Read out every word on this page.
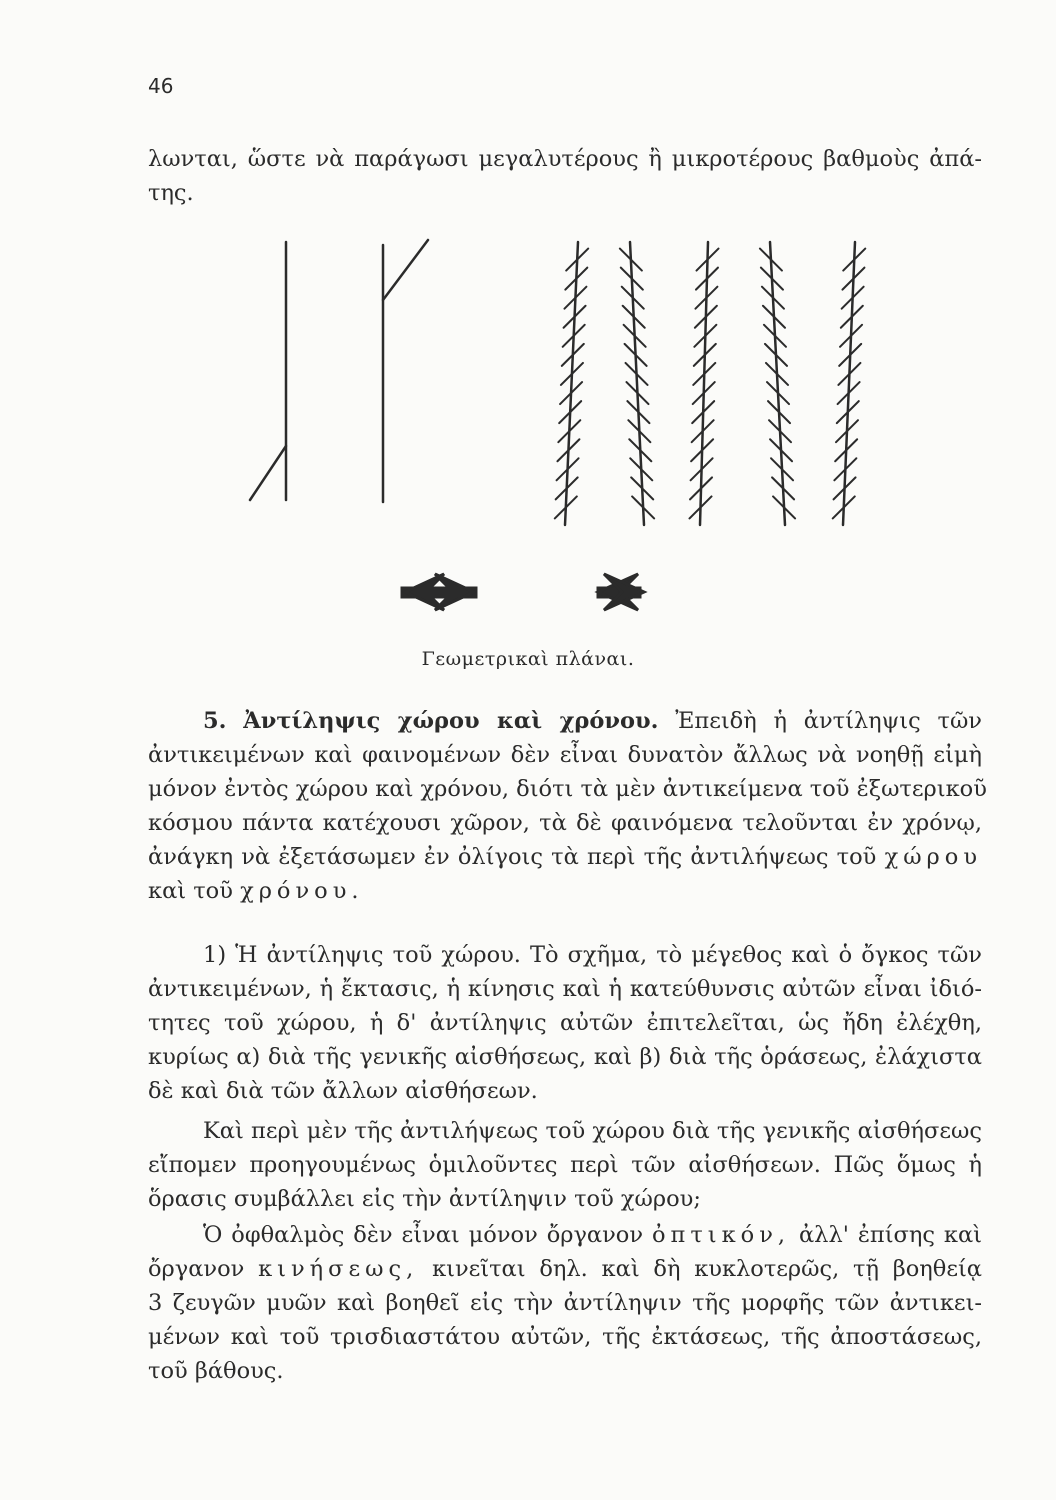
46
λωνται, ὥστε νὰ παράγωσι μεγαλυτέρους ἢ μικροτέρους βαθμοὺς ἀπά-
της.
Γεωμετρικαὶ πλάναι.
5. Ἀντίληψις χώρου καὶ χρόνου. Ἐπειδὴ ἡ ἀντίληψις τῶν
ἀντικειμένων καὶ φαινομένων δὲν εἶναι δυνατὸν ἄλλως νὰ νοηθῇ εἰμὴ
μόνον ἐντὸς χώρου καὶ χρόνου, διότι τὰ μὲν ἀντικείμενα τοῦ ἐξωτερικοῦ
κόσμου πάντα κατέχουσι χῶρον, τὰ δὲ φαινόμενα τελοῦνται ἐν χρόνῳ,
ἀνάγκη νὰ ἐξετάσωμεν ἐν ὀλίγοις τὰ περὶ τῆς ἀντιλήψεως τοῦ χώρου
καὶ τοῦ χρόνου.
1) Ἡ ἀντίληψις τοῦ χώρου. Τὸ σχῆμα, τὸ μέγεθος καὶ ὁ ὄγκος τῶν
ἀντικειμένων, ἡ ἔκτασις, ἡ κίνησις καὶ ἡ κατεύθυνσις αὐτῶν εἶναι ἰδιό-
τητες τοῦ χώρου, ἡ δ' ἀντίληψις αὐτῶν ἐπιτελεῖται, ὡς ἤδη ἐλέχθη,
κυρίως α) διὰ τῆς γενικῆς αἰσθήσεως, καὶ β) διὰ τῆς ὁράσεως, ἐλάχιστα
δὲ καὶ διὰ τῶν ἄλλων αἰσθήσεων.
Καὶ περὶ μὲν τῆς ἀντιλήψεως τοῦ χώρου διὰ τῆς γενικῆς αἰσθήσεως
εἴπομεν προηγουμένως ὁμιλοῦντες περὶ τῶν αἰσθήσεων. Πῶς ὅμως ἡ
ὅρασις συμβάλλει εἰς τὴν ἀντίληψιν τοῦ χώρου;
Ὁ ὀφθαλμὸς δὲν εἶναι μόνον ὄργανον ὀπτικόν, ἀλλ' ἐπίσης καὶ
ὄργανον κινήσεως, κινεῖται δηλ. καὶ δὴ κυκλοτερῶς, τῇ βοηθείᾳ
3 ζευγῶν μυῶν καὶ βοηθεῖ εἰς τὴν ἀντίληψιν τῆς μορφῆς τῶν ἀντικει-
μένων καὶ τοῦ τρισδιαστάτου αὐτῶν, τῆς ἐκτάσεως, τῆς ἀποστάσεως,
τοῦ βάθους.
